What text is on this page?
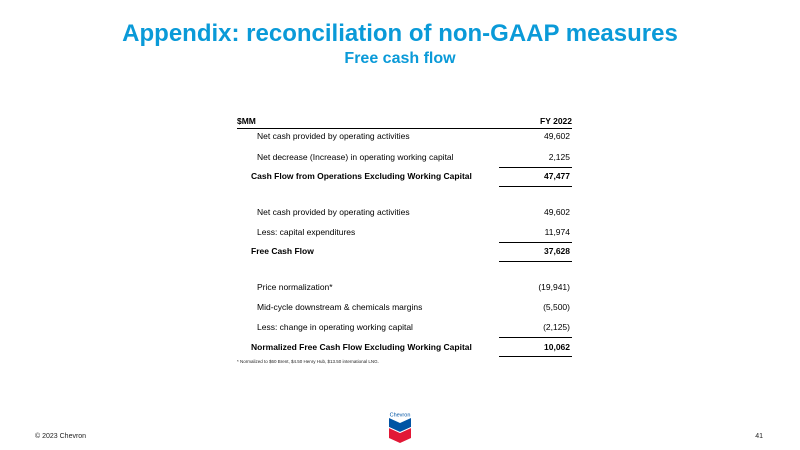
Appendix: reconciliation of non-GAAP measures
Free cash flow
$MM	FY 2022
Net cash provided by operating activities	49,602
Net decrease (Increase) in operating working capital	2,125
Cash Flow from Operations Excluding Working Capital	47,477
Net cash provided by operating activities	49,602
Less: capital expenditures	11,974
Free Cash Flow	37,628
Price normalization*	(19,941)
Mid-cycle downstream & chemicals margins	(5,500)
Less: change in operating working capital	(2,125)
Normalized Free Cash Flow Excluding Working Capital	10,062
* Normalized to $60 Brent, $4.50 Henry Hub, $13.50 international LNG.
Chevron
© 2023 Chevron	41
